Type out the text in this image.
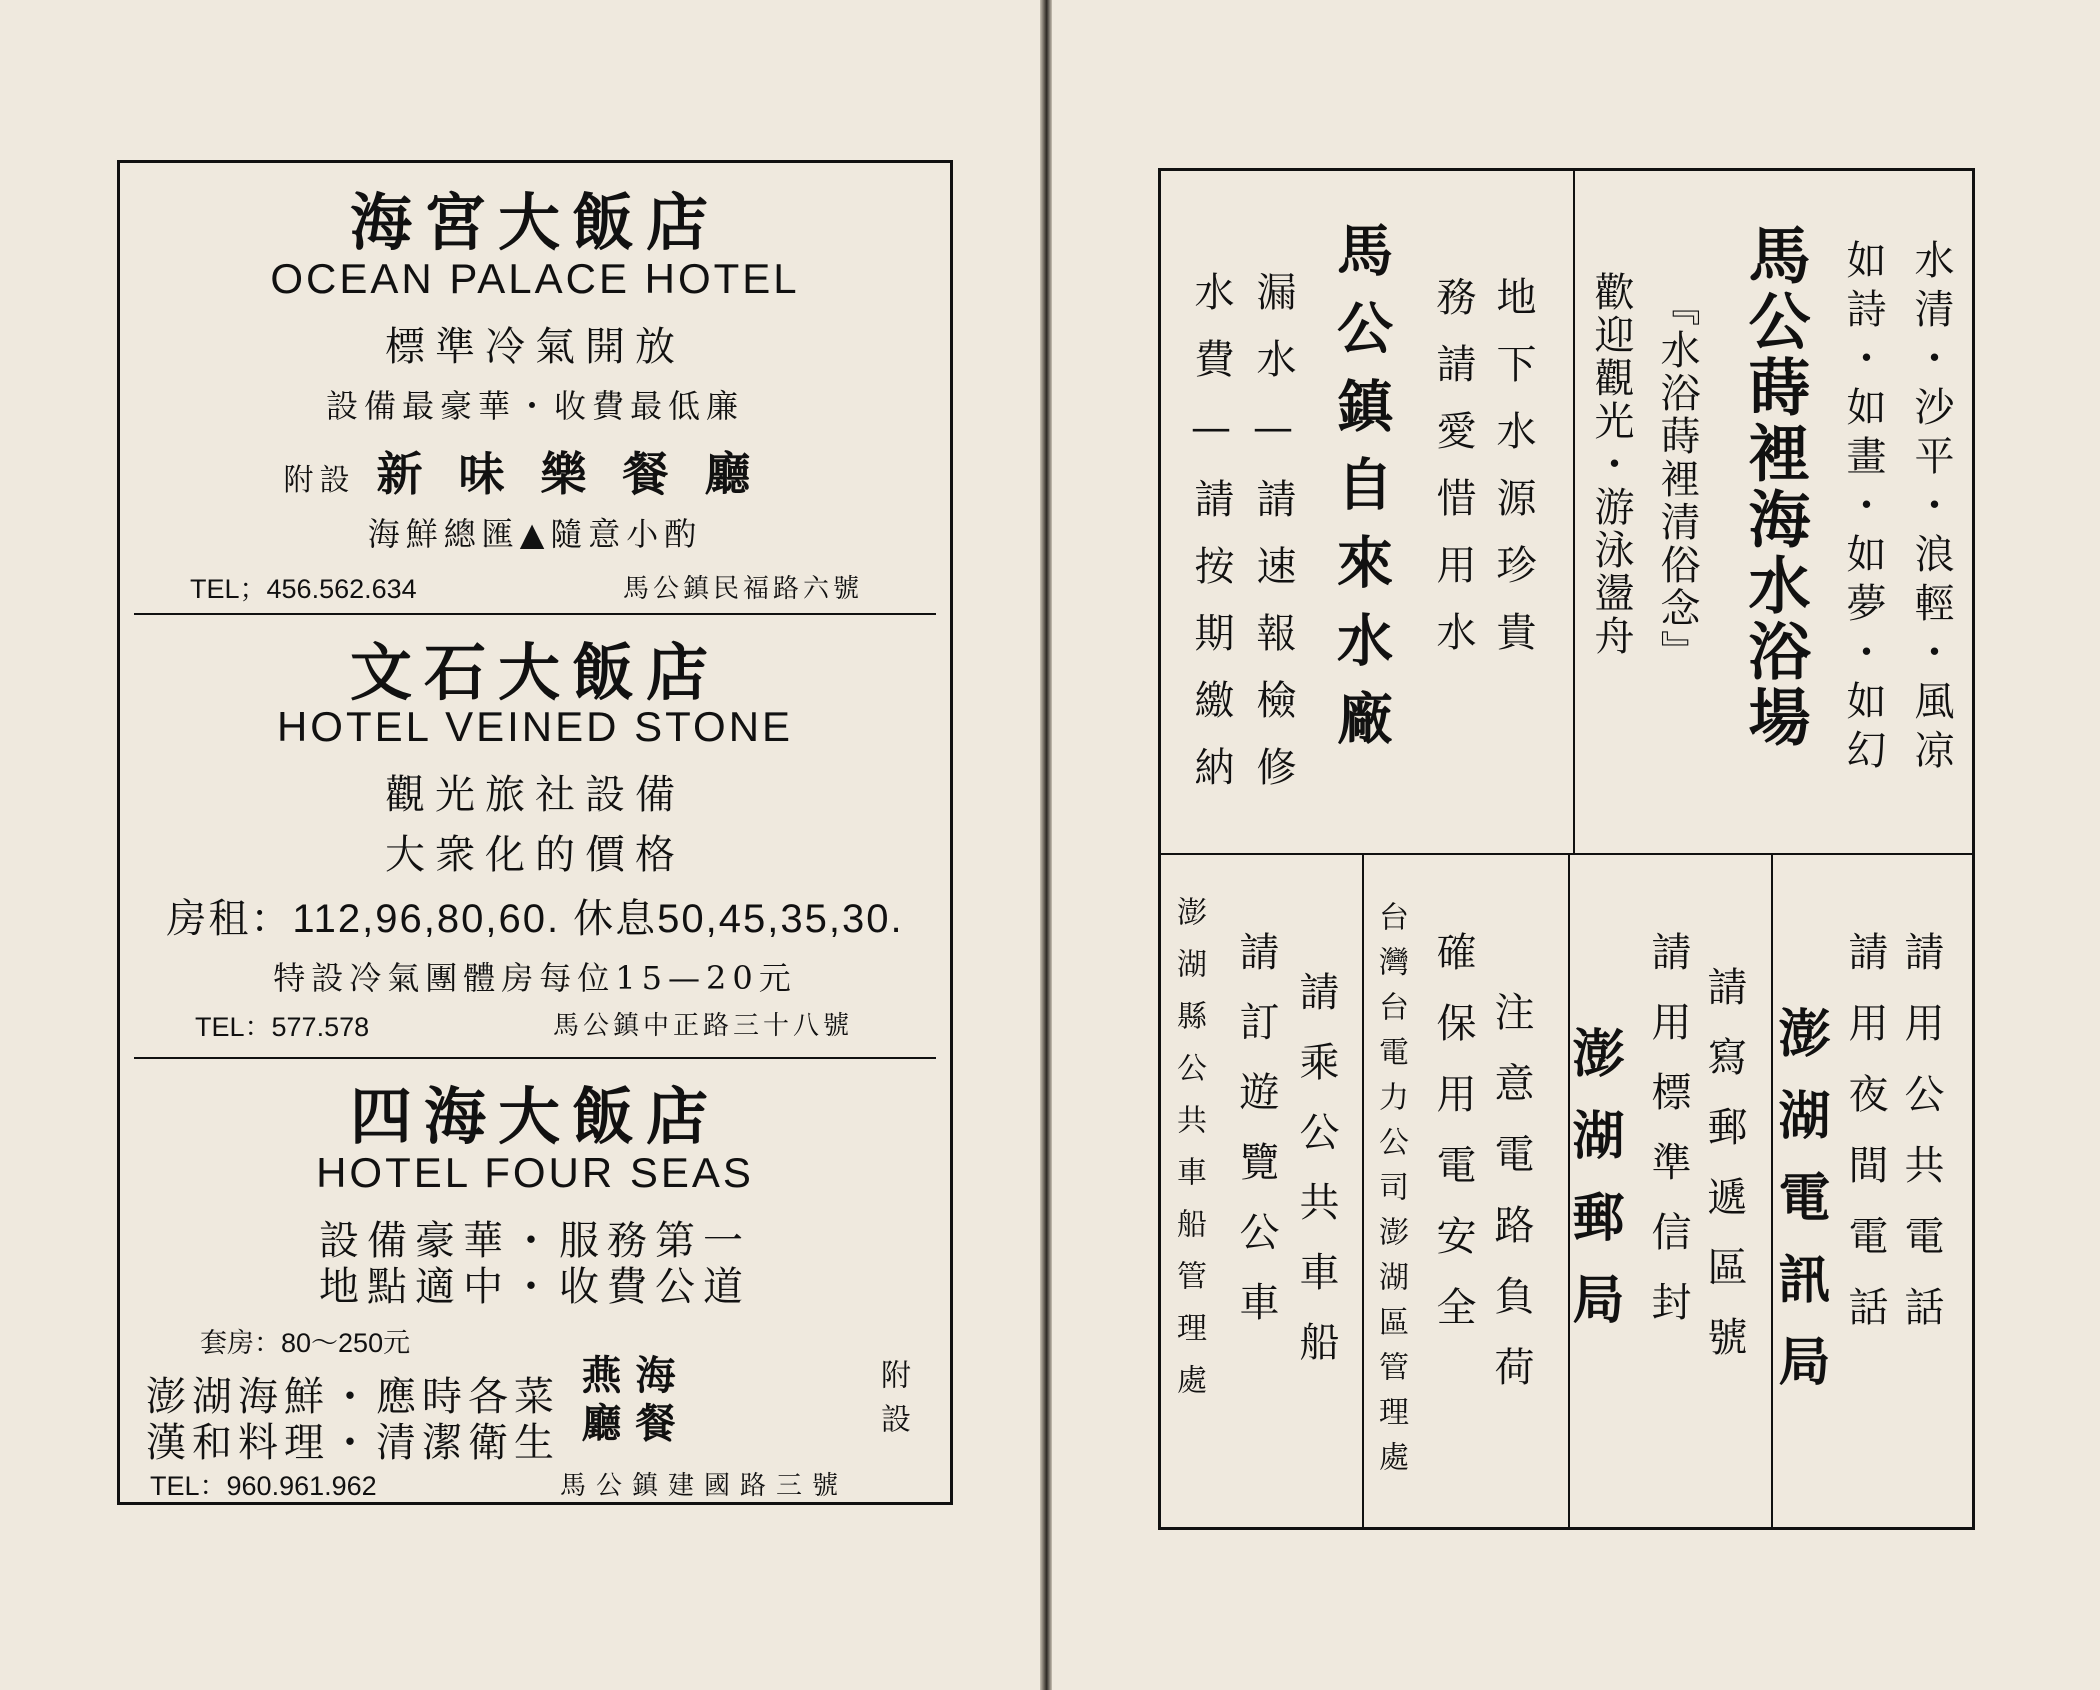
海宮大飯店
OCEAN PALACE HOTEL
標準冷氣開放
設備最豪華・收費最低廉
附設 新味樂餐廳
海鮮總匯▲隨意小酌
TEL；456.562.634	馬公鎮民福路六號
文石大飯店
HOTEL VEINED STONE
觀光旅社設備
大衆化的價格
房租：112,96,80,60. 休息50,45,35,30.
特設冷氣團體房每位15—20元
TEL：577.578	馬公鎮中正路三十八號
四海大飯店
HOTEL FOUR SEAS
設備豪華・服務第一
地點適中・收費公道
套房：80～250元
澎湖海鮮・應時各菜
漢和料理・清潔衛生 海餐
燕廳	附設
TEL：960.961.962	馬公鎮建國路三號
水清・沙平・浪輕・風凉
如詩・如畫・如夢・如幻
馬公蒔裡海水浴場
『水浴蒔裡清俗念』
歡迎觀光・游泳盪舟
地下水源珍貴
務請愛惜用水
馬公鎮自來水廠
漏水—請速報檢修
水費—請按期繳納
請用公共電話
請用夜間電話
澎湖電訊局
請寫郵遞區號
請用標準信封
澎湖郵局
注意電路負荷
確保用電安全
台灣台電力公司澎湖區管理處
請乘公共車船
請訂遊覽公車
澎湖縣公共車船管理處
